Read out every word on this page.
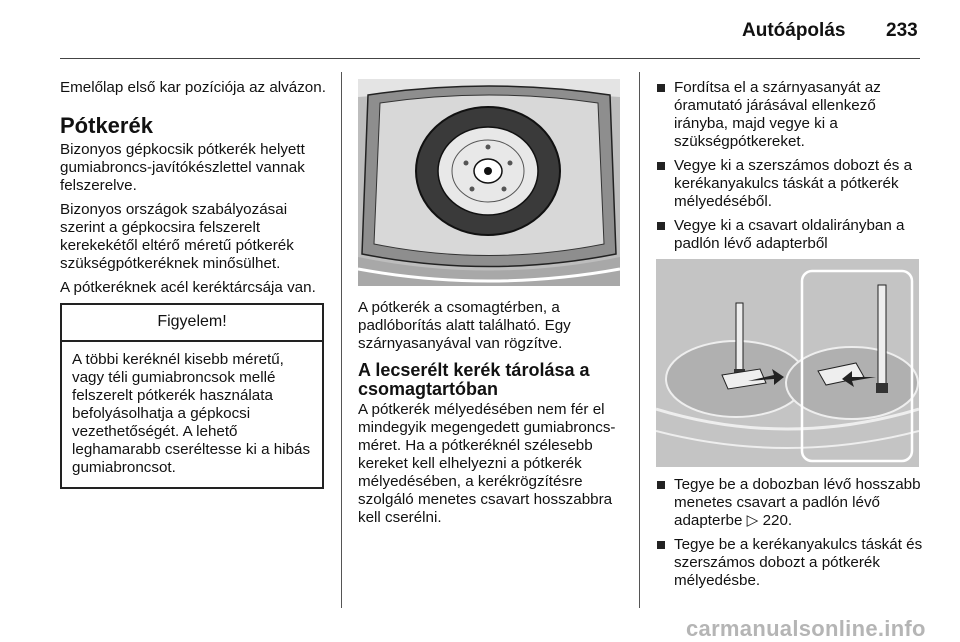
Autóápolás 233

Emelőlap első kar pozíciója az alvázon.

Pótkerék

Bizonyos gépkocsik pótkerék helyett gumiabroncs-javítókészlettel vannak felszerelve.

Bizonyos országok szabályozásai szerint a gépkocsira felszerelt kerekekétől eltérő méretű pótkerék szükségpótkeréknek minősülhet.

A pótkeréknek acél keréktárcsája van.

Figyelem!
A többi keréknél kisebb méretű, vagy téli gumiabroncsok mellé felszerelt pótkerék használata befolyásolhatja a gépkocsi vezethetőségét. A lehető leghamarabb cseréltesse ki a hibás gumiabroncsot.

A pótkerék a csomagtérben, a padlóborítás alatt található. Egy szárnyasanyával van rögzítve.

A lecserélt kerék tárolása a csomagtartóban

A pótkerék mélyedésében nem fér el mindegyik megengedett gumiabroncs-méret. Ha a pótkeréknél szélesebb kereket kell elhelyezni a pótkerék mélyedésében, a kerékrögzítésre szolgáló menetes csavart hosszabbra kell cserélni.

Fordítsa el a szárnyasanyát az óramutató járásával ellenkező irányba, majd vegye ki a szükségpótkereket.
Vegye ki a szerszámos dobozt és a kerékanyakulcs táskát a pótkerék mélyedéséből.
Vegye ki a csavart oldalirányban a padlón lévő adapterből
Tegye be a dobozban lévő hosszabb menetes csavart a padlón lévő adapterbe ▷ 220.
Tegye be a kerékanyakulcs táskát és szerszámos dobozt a pótkerék mélyedésbe.
carmanualsonline.info
